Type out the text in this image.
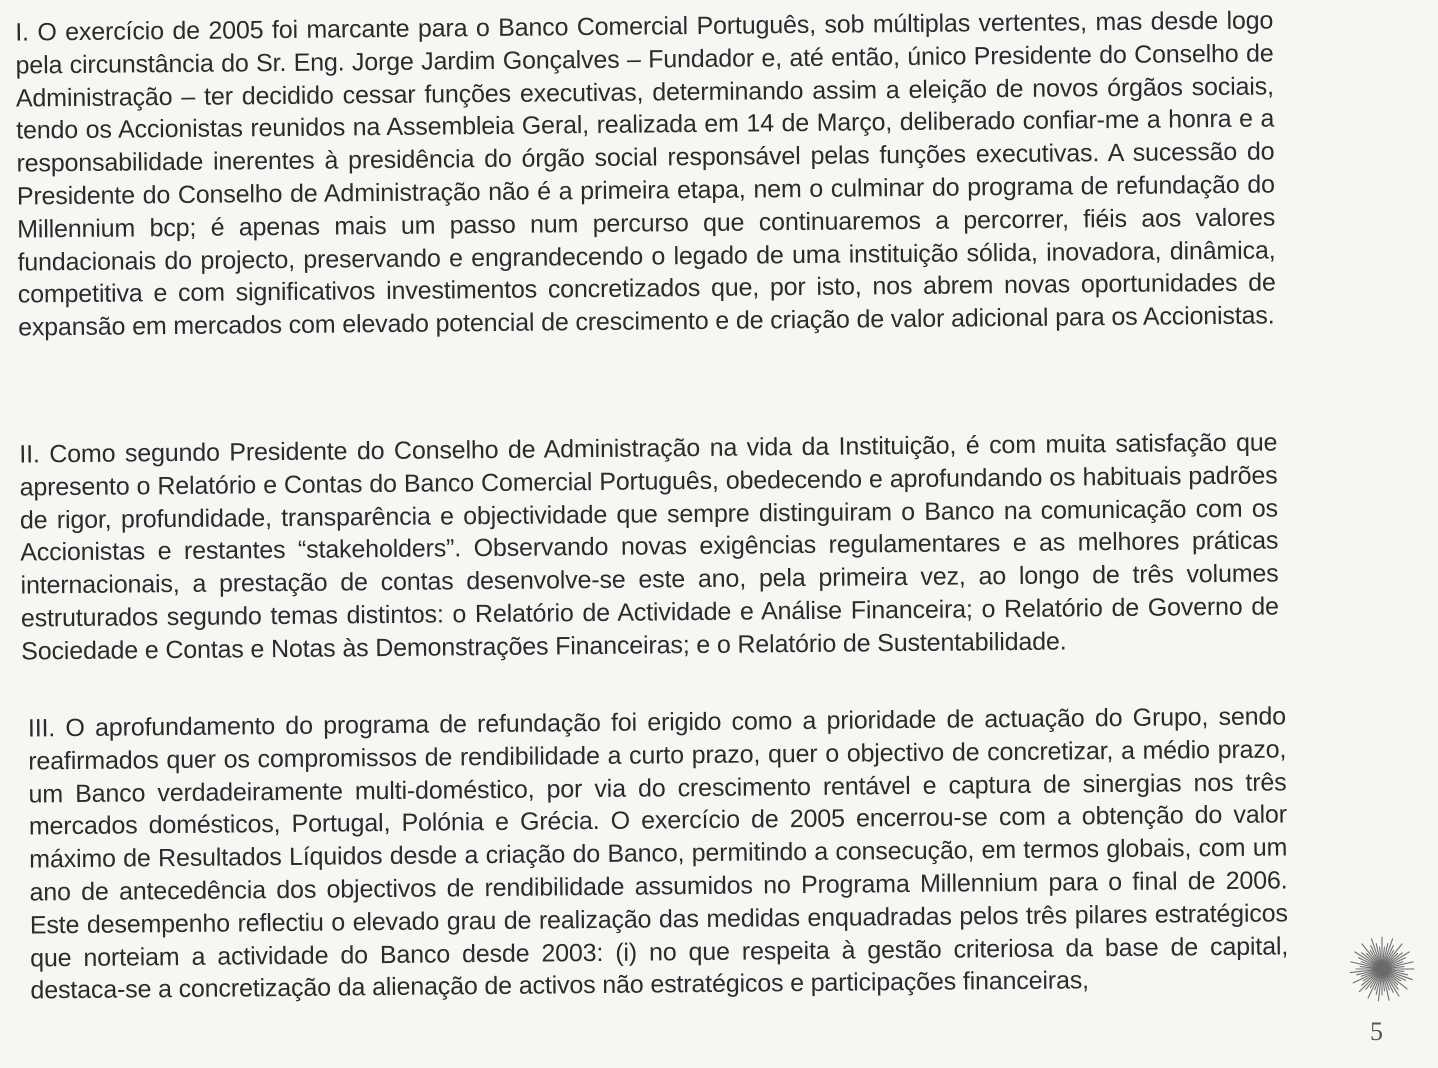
I. O exercício de 2005 foi marcante para o Banco Comercial Português, sob múltiplas vertentes, mas desde logo pela circunstância do Sr. Eng. Jorge Jardim Gonçalves – Fundador e, até então, único Presidente do Conselho de Administração – ter decidido cessar funções executivas, determinando assim a eleição de novos órgãos sociais, tendo os Accionistas reunidos na Assembleia Geral, realizada em 14 de Março, deliberado confiar-me a honra e a responsabilidade inerentes à presidência do órgão social responsável pelas funções executivas. A sucessão do Presidente do Conselho de Administração não é a primeira etapa, nem o culminar do programa de refundação do Millennium bcp; é apenas mais um passo num percurso que continuaremos a percorrer, fiéis aos valores fundacionais do projecto, preservando e engrandecendo o legado de uma instituição sólida, inovadora, dinâmica, competitiva e com significativos investimentos concretizados que, por isto, nos abrem novas oportunidades de expansão em mercados com elevado potencial de crescimento e de criação de valor adicional para os Accionistas.

II. Como segundo Presidente do Conselho de Administração na vida da Instituição, é com muita satisfação que apresento o Relatório e Contas do Banco Comercial Português, obedecendo e aprofundando os habituais padrões de rigor, profundidade, transparência e objectividade que sempre distinguiram o Banco na comunicação com os Accionistas e restantes “stakeholders”. Observando novas exigências regulamentares e as melhores práticas internacionais, a prestação de contas desenvolve-se este ano, pela primeira vez, ao longo de três volumes estruturados segundo temas distintos: o Relatório de Actividade e Análise Financeira; o Relatório de Governo de Sociedade e Contas e Notas às Demonstrações Financeiras; e o Relatório de Sustentabilidade.

III. O aprofundamento do programa de refundação foi erigido como a prioridade de actuação do Grupo, sendo reafirmados quer os compromissos de rendibilidade a curto prazo, quer o objectivo de concretizar, a médio prazo, um Banco verdadeiramente multi-doméstico, por via do crescimento rentável e captura de sinergias nos três mercados domésticos, Portugal, Polónia e Grécia. O exercício de 2005 encerrou-se com a obtenção do valor máximo de Resultados Líquidos desde a criação do Banco, permitindo a consecução, em termos globais, com um ano de antecedência dos objectivos de rendibilidade assumidos no Programa Millennium para o final de 2006. Este desempenho reflectiu o elevado grau de realização das medidas enquadradas pelos três pilares estratégicos que norteiam a actividade do Banco desde 2003: (i) no que respeita à gestão criteriosa da base de capital, destaca-se a concretização da alienação de activos não estratégicos e participações financeiras,

5
